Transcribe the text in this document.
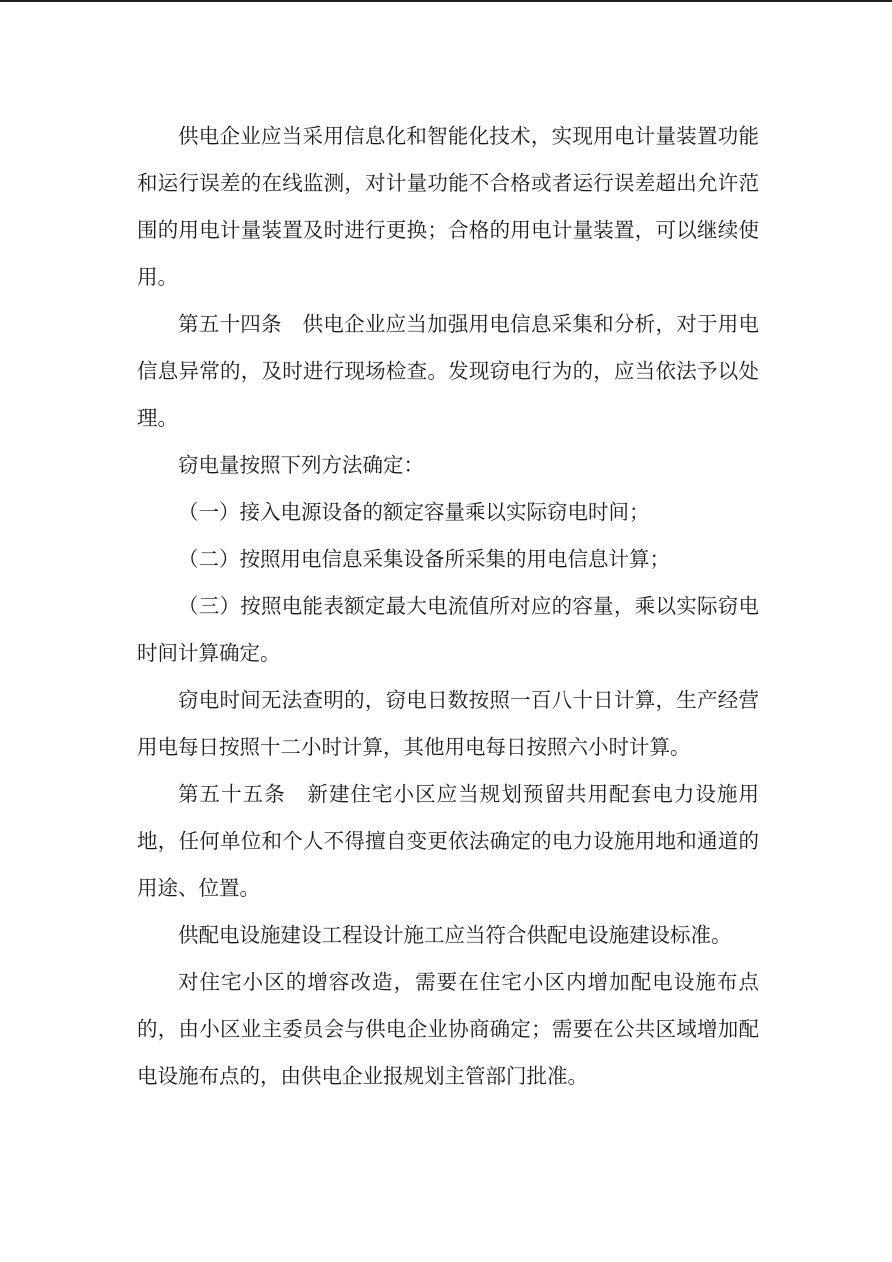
供电企业应当采用信息化和智能化技术，实现用电计量装置功能和运行误差的在线监测，对计量功能不合格或者运行误差超出允许范围的用电计量装置及时进行更换；合格的用电计量装置，可以继续使用。

第五十四条　供电企业应当加强用电信息采集和分析，对于用电信息异常的，及时进行现场检查。发现窃电行为的，应当依法予以处理。

窃电量按照下列方法确定：

（一）接入电源设备的额定容量乘以实际窃电时间；

（二）按照用电信息采集设备所采集的用电信息计算；

（三）按照电能表额定最大电流值所对应的容量，乘以实际窃电时间计算确定。

窃电时间无法查明的，窃电日数按照一百八十日计算，生产经营用电每日按照十二小时计算，其他用电每日按照六小时计算。

第五十五条　新建住宅小区应当规划预留共用配套电力设施用地，任何单位和个人不得擅自变更依法确定的电力设施用地和通道的用途、位置。

供配电设施建设工程设计施工应当符合供配电设施建设标准。

对住宅小区的增容改造，需要在住宅小区内增加配电设施布点的，由小区业主委员会与供电企业协商确定；需要在公共区域增加配电设施布点的，由供电企业报规划主管部门批准。
